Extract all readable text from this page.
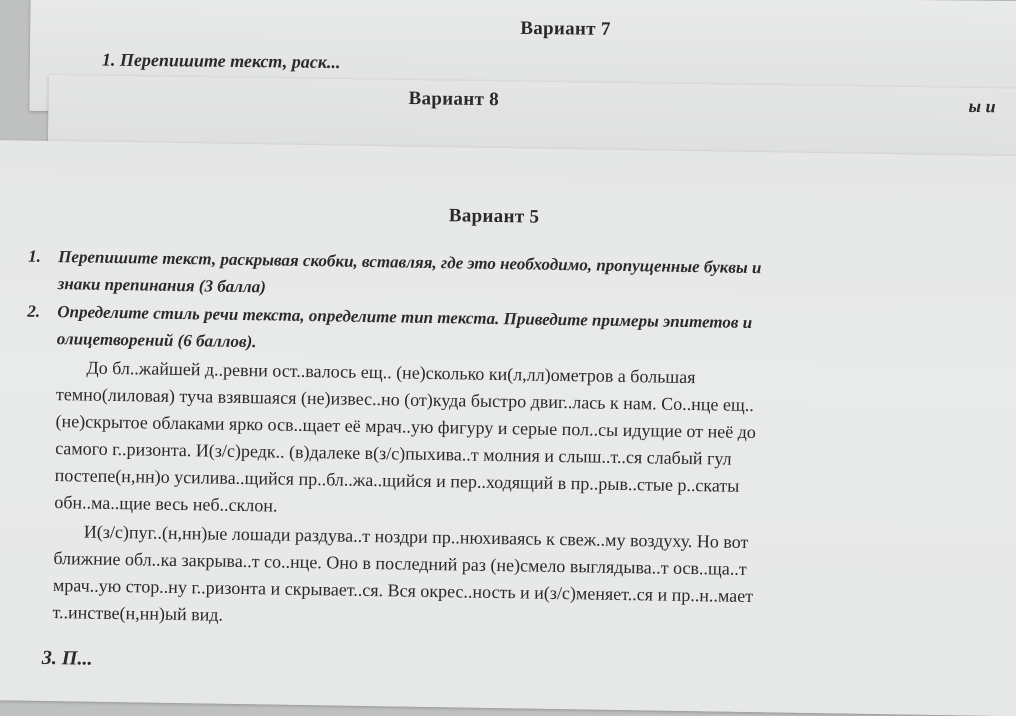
Вариант 7
1. Перепишите текст, раск...
Вариант 8	ы и
Вариант 5
1. Перепишите текст, раскрывая скобки, вставляя, где это необходимо, пропущенные буквы и
знаки препинания (3 балла)
2. Определите стиль речи текста, определите тип текста. Приведите примеры эпитетов и
олицетворений (6 баллов).
До бл..жайшей д..ревни ост..валось ещ.. (не)сколько ки(л,лл)ометров а большая
темно(лиловая) туча взявшаяся (не)извес..но (от)куда быстро двиг..лась к нам. Со..нце ещ..
(не)скрытое облаками ярко осв..щает её мрач..ую фигуру и серые пол..сы идущие от неё до
самого г..ризонта. И(з/с)редк.. (в)далеке в(з/с)пыхива..т молния и слыш..т..ся слабый гул
постепе(н,нн)о усилива..щийся пр..бл..жа..щийся и пер..ходящий в пр..рыв..стые р..скаты
обн..ма..щие весь неб..склон.
И(з/с)пуг..(н,нн)ые лошади раздува..т ноздри пр..нюхиваясь к свеж..му воздуху. Но вот
ближние обл..ка закрыва..т со..нце. Оно в последний раз (не)смело выглядыва..т осв..ща..т
мрач..ую стор..ну г..ризонта и скрывает..ся. Вся окрес..ность и и(з/с)меняет..ся и пр..н..мает
т..инстве(н,нн)ый вид.
3. П...
